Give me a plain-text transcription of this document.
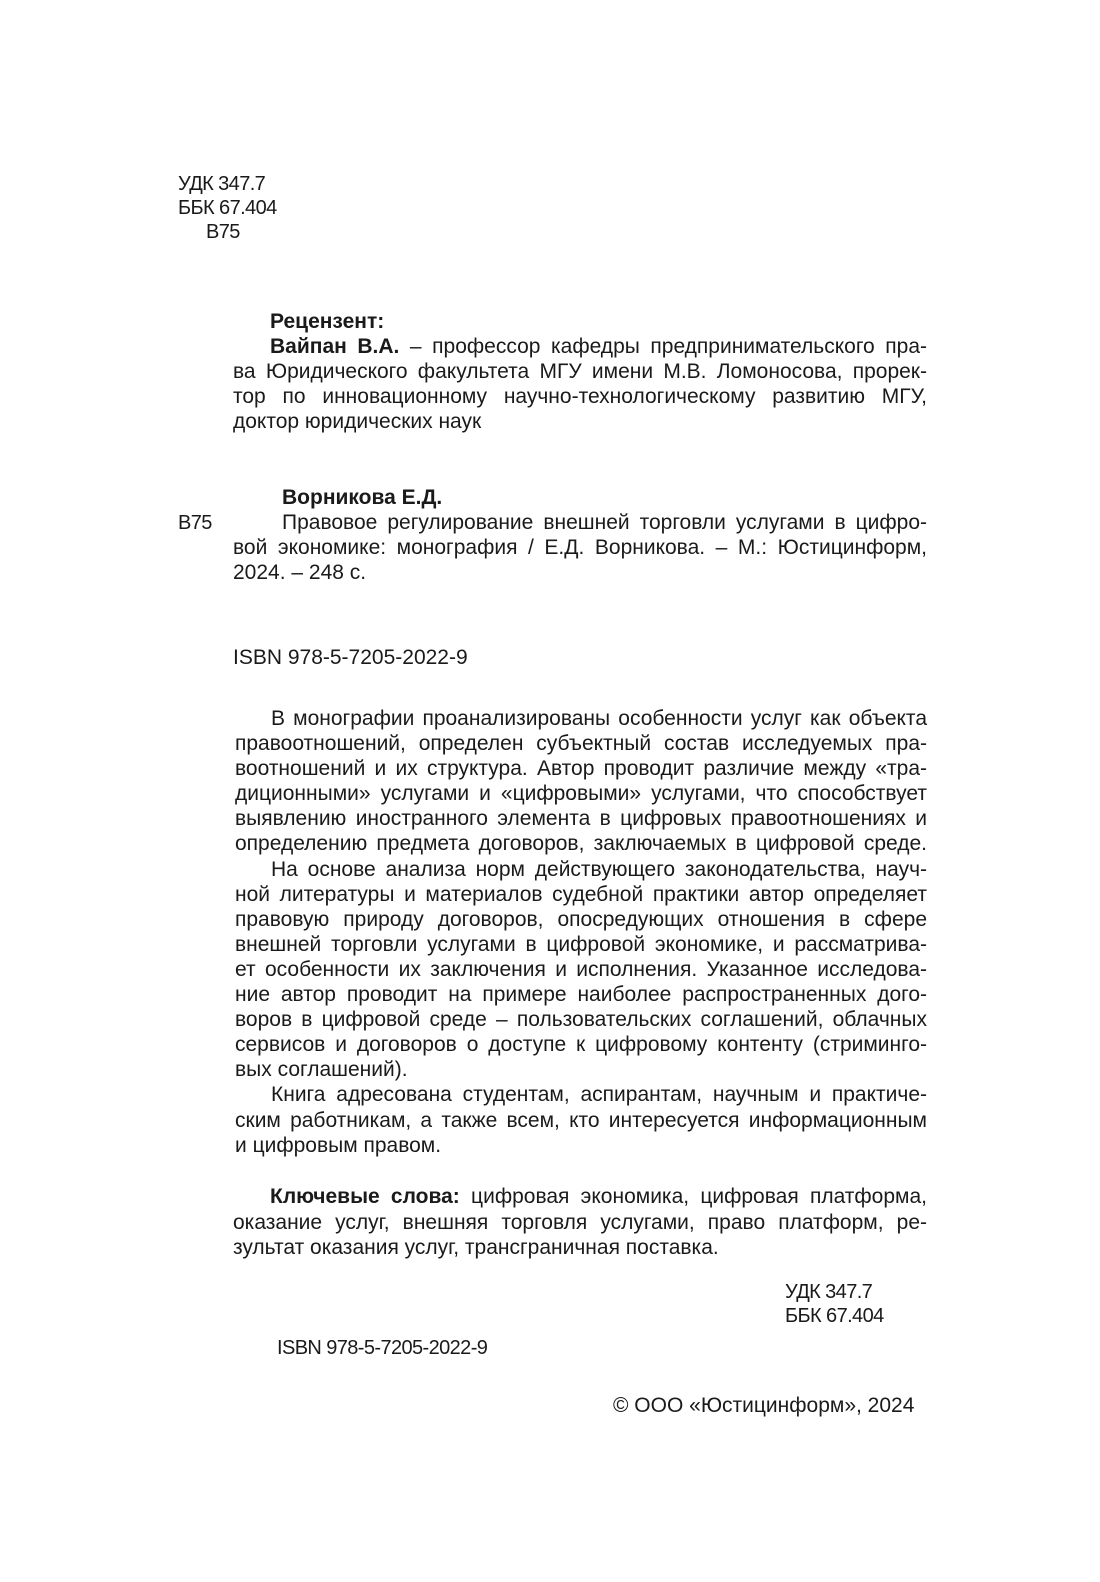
УДК 347.7
ББК 67.404
В75
Рецензент:
Вайпан В.А. – профессор кафедры предпринимательского пра-
ва Юридического факультета МГУ имени М.В. Ломоносова, прорек-
тор по инновационному научно-технологическому развитию МГУ,
доктор юридических наук
Ворникова Е.Д.
В75	Правовое регулирование внешней торговли услугами в цифро-
вой экономике: монография / Е.Д. Ворникова. – М.: Юстицинформ,
2024. – 248 с.
ISBN 978-5-7205-2022-9
В монографии проанализированы особенности услуг как объекта
правоотношений, определен субъектный состав исследуемых пра-
воотношений и их структура. Автор проводит различие между «тра-
диционными» услугами и «цифровыми» услугами, что способствует
выявлению иностранного элемента в цифровых правоотношениях и
определению предмета договоров, заключаемых в цифровой среде.
На основе анализа норм действующего законодательства, науч-
ной литературы и материалов судебной практики автор определяет
правовую природу договоров, опосредующих отношения в сфере
внешней торговли услугами в цифровой экономике, и рассматрива-
ет особенности их заключения и исполнения. Указанное исследова-
ние автор проводит на примере наиболее распространенных дого-
воров в цифровой среде – пользовательских соглашений, облачных
сервисов и договоров о доступе к цифровому контенту (стриминго-
вых соглашений).
Книга адресована студентам, аспирантам, научным и практиче-
ским работникам, а также всем, кто интересуется информационным
и цифровым правом.
Ключевые слова: цифровая экономика, цифровая платформа,
оказание услуг, внешняя торговля услугами, право платформ, ре-
зультат оказания услуг, трансграничная поставка.
УДК 347.7
ББК 67.404
ISBN 978-5-7205-2022-9
© ООО «Юстицинформ», 2024
